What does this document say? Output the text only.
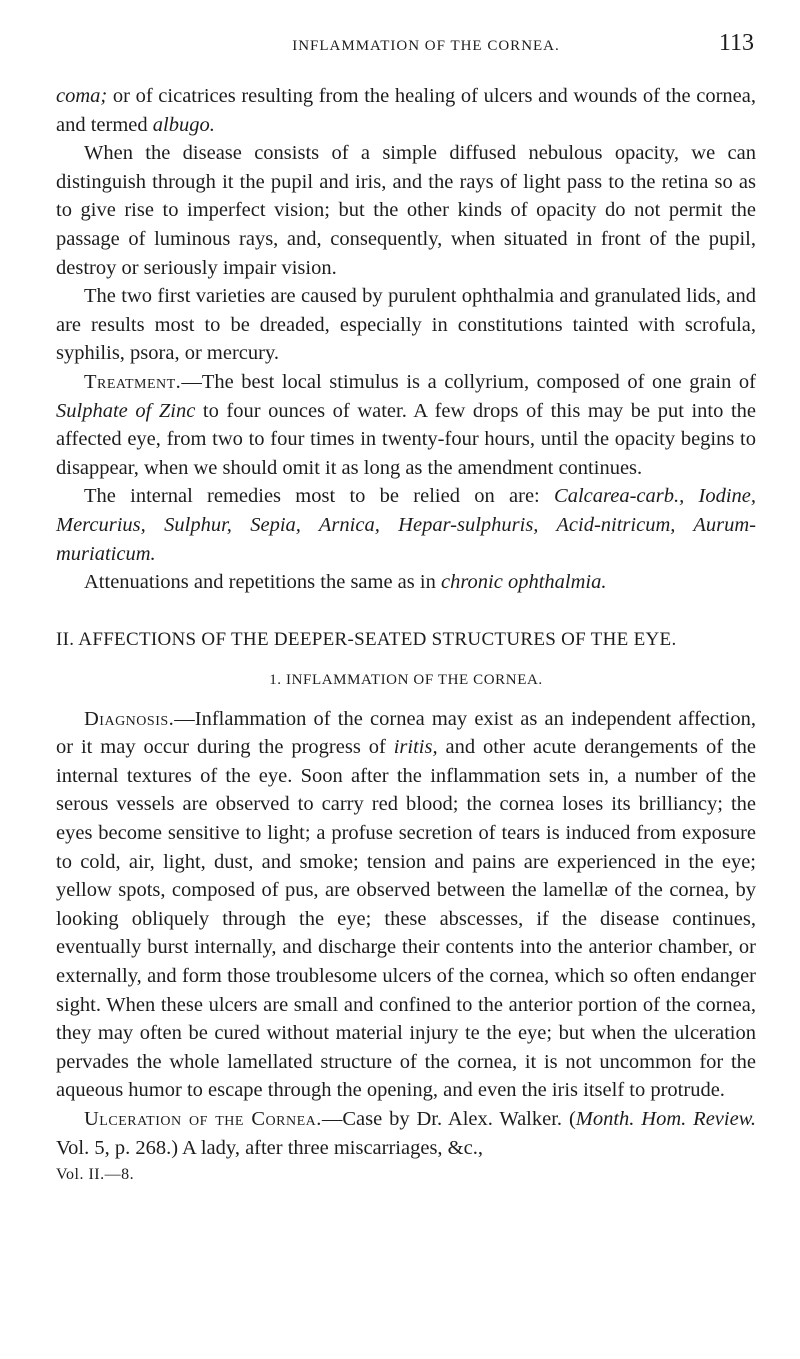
INFLAMMATION OF THE CORNEA.	113

coma; or of cicatrices resulting from the healing of ulcers and wounds of the cornea, and termed albugo.

When the disease consists of a simple diffused nebulous opacity, we can distinguish through it the pupil and iris, and the rays of light pass to the retina so as to give rise to imperfect vision; but the other kinds of opacity do not permit the passage of luminous rays, and, consequently, when situated in front of the pupil, destroy or seriously impair vision.

The two first varieties are caused by purulent ophthalmia and granulated lids, and are results most to be dreaded, especially in constitutions tainted with scrofula, syphilis, psora, or mercury.

Treatment.—The best local stimulus is a collyrium, composed of one grain of Sulphate of Zinc to four ounces of water. A few drops of this may be put into the affected eye, from two to four times in twenty-four hours, until the opacity begins to disappear, when we should omit it as long as the amendment continues.

The internal remedies most to be relied on are: Calcarea-carb., Iodine, Mercurius, Sulphur, Sepia, Arnica, Hepar-sulphuris, Acid-nitricum, Aurum-muriaticum.

Attenuations and repetitions the same as in chronic ophthalmia.

II. AFFECTIONS OF THE DEEPER-SEATED STRUCTURES OF THE EYE.
1. INFLAMMATION OF THE CORNEA.

Diagnosis.—Inflammation of the cornea may exist as an independent affection, or it may occur during the progress of iritis, and other acute derangements of the internal textures of the eye. Soon after the inflammation sets in, a number of the serous vessels are observed to carry red blood; the cornea loses its brilliancy; the eyes become sensitive to light; a profuse secretion of tears is induced from exposure to cold, air, light, dust, and smoke; tension and pains are experienced in the eye; yellow spots, composed of pus, are observed between the lamellæ of the cornea, by looking obliquely through the eye; these abscesses, if the disease continues, eventually burst internally, and discharge their contents into the anterior chamber, or externally, and form those troublesome ulcers of the cornea, which so often endanger sight. When these ulcers are small and confined to the anterior portion of the cornea, they may often be cured without material injury te the eye; but when the ulceration pervades the whole lamellated structure of the cornea, it is not uncommon for the aqueous humor to escape through the opening, and even the iris itself to protrude.

Ulceration of the Cornea.—Case by Dr. Alex. Walker. (Month. Hom. Review. Vol. 5, p. 268.) A lady, after three miscarriages, &c.,

Vol. II.—8.
